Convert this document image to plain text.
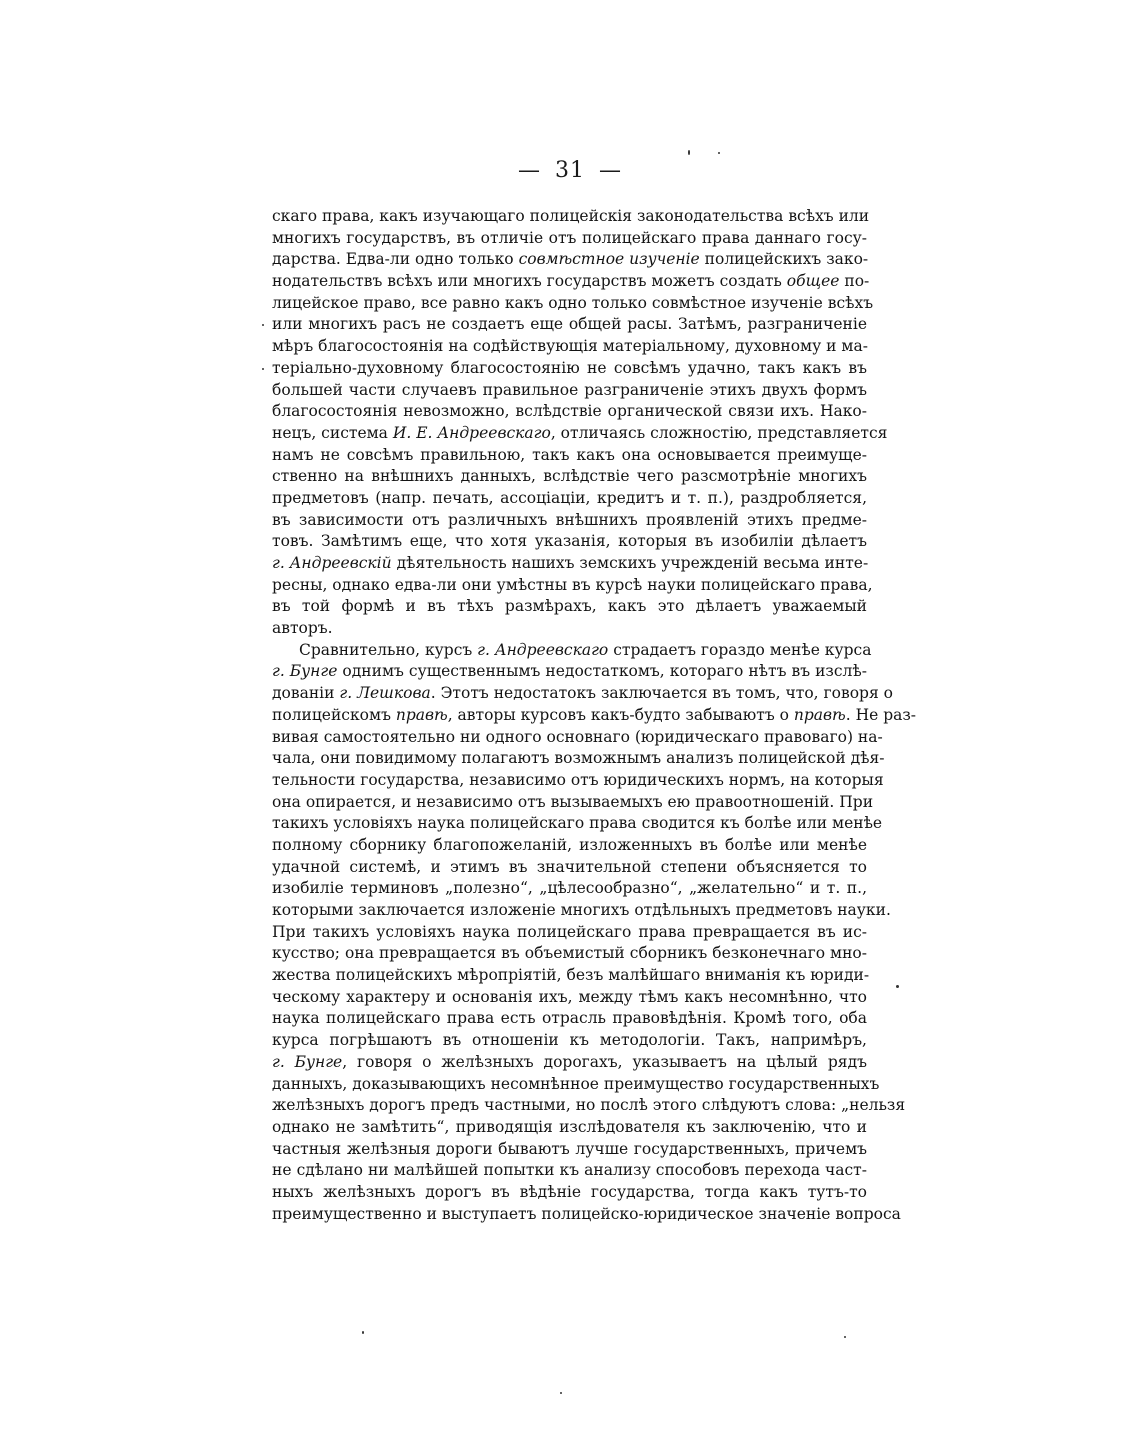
— 31 —
скаго права, какъ изучающаго полицейскія законодательства всѣхъ или
многихъ государствъ, въ отличіе отъ полицейскаго права даннаго госу-
дарства. Едва-ли одно только совмѣстное изученіе полицейскихъ зако-
нодательствъ всѣхъ или многихъ государствъ можетъ создать общее по-
лицейское право, все равно какъ одно только совмѣстное изученіе всѣхъ
или многихъ расъ не создаетъ еще общей расы. Затѣмъ, разграниченіе
мѣръ благосостоянія на содѣйствующія матеріальному, духовному и ма-
теріально-духовному благосостоянію не совсѣмъ удачно, такъ какъ въ
большей части случаевъ правильное разграниченіе этихъ двухъ формъ
благосостоянія невозможно, вслѣдствіе органической связи ихъ. Нако-
нецъ, система И. Е. Андреевскаго, отличаясь сложностію, представляется
намъ не совсѣмъ правильною, такъ какъ она основывается преимуще-
ственно на внѣшнихъ данныхъ, вслѣдствіе чего разсмотрѣніе многихъ
предметовъ (напр. печать, ассоціаціи, кредитъ и т. п.), раздробляется,
въ зависимости отъ различныхъ внѣшнихъ проявленій этихъ предме-
товъ. Замѣтимъ еще, что хотя указанія, которыя въ изобиліи дѣлаетъ
г. Андреевскій дѣятельность нашихъ земскихъ учрежденій весьма инте-
ресны, однако едва-ли они умѣстны въ курсѣ науки полицейскаго права,
въ той формѣ и въ тѣхъ размѣрахъ, какъ это дѣлаетъ уважаемый
авторъ.
Сравнительно, курсъ г. Андреевскаго страдаетъ гораздо менѣе курса
г. Бунге однимъ существеннымъ недостаткомъ, котораго нѣтъ въ изслѣ-
дованіи г. Лешкова. Этотъ недостатокъ заключается въ томъ, что, говоря о
полицейскомъ правѣ, авторы курсовъ какъ-будто забываютъ о правѣ. Не раз-
вивая самостоятельно ни одного основнаго (юридическаго правоваго) на-
чала, они повидимому полагаютъ возможнымъ анализъ полицейской дѣя-
тельности государства, независимо отъ юридическихъ нормъ, на которыя
она опирается, и независимо отъ вызываемыхъ ею правоотношеній. При
такихъ условіяхъ наука полицейскаго права сводится къ болѣе или менѣе
полному сборнику благопожеланій, изложенныхъ въ болѣе или менѣе
удачной системѣ, и этимъ въ значительной степени объясняется то
изобиліе терминовъ „полезно“, „цѣлесообразно“, „желательно“ и т. п.,
которыми заключается изложеніе многихъ отдѣльныхъ предметовъ науки.
При такихъ условіяхъ наука полицейскаго права превращается въ ис-
кусство; она превращается въ объемистый сборникъ безконечнаго мно-
жества полицейскихъ мѣропріятій, безъ малѣйшаго вниманія къ юриди-
ческому характеру и основанія ихъ, между тѣмъ какъ несомнѣнно, что
наука полицейскаго права есть отрасль правовѣдѣнія. Кромѣ того, оба
курса погрѣшаютъ въ отношеніи къ методологіи. Такъ, напримѣръ,
г. Бунге, говоря о желѣзныхъ дорогахъ, указываетъ на цѣлый рядъ
данныхъ, доказывающихъ несомнѣнное преимущество государственныхъ
желѣзныхъ дорогъ предъ частными, но послѣ этого слѣдуютъ слова: „нельзя
однако не замѣтить“, приводящія изслѣдователя къ заключенію, что и
частныя желѣзныя дороги бываютъ лучше государственныхъ, причемъ
не сдѣлано ни малѣйшей попытки къ анализу способовъ перехода част-
ныхъ желѣзныхъ дорогъ въ вѣдѣніе государства, тогда какъ тутъ-то
преимущественно и выступаетъ полицейско-юридическое значеніе вопроса
